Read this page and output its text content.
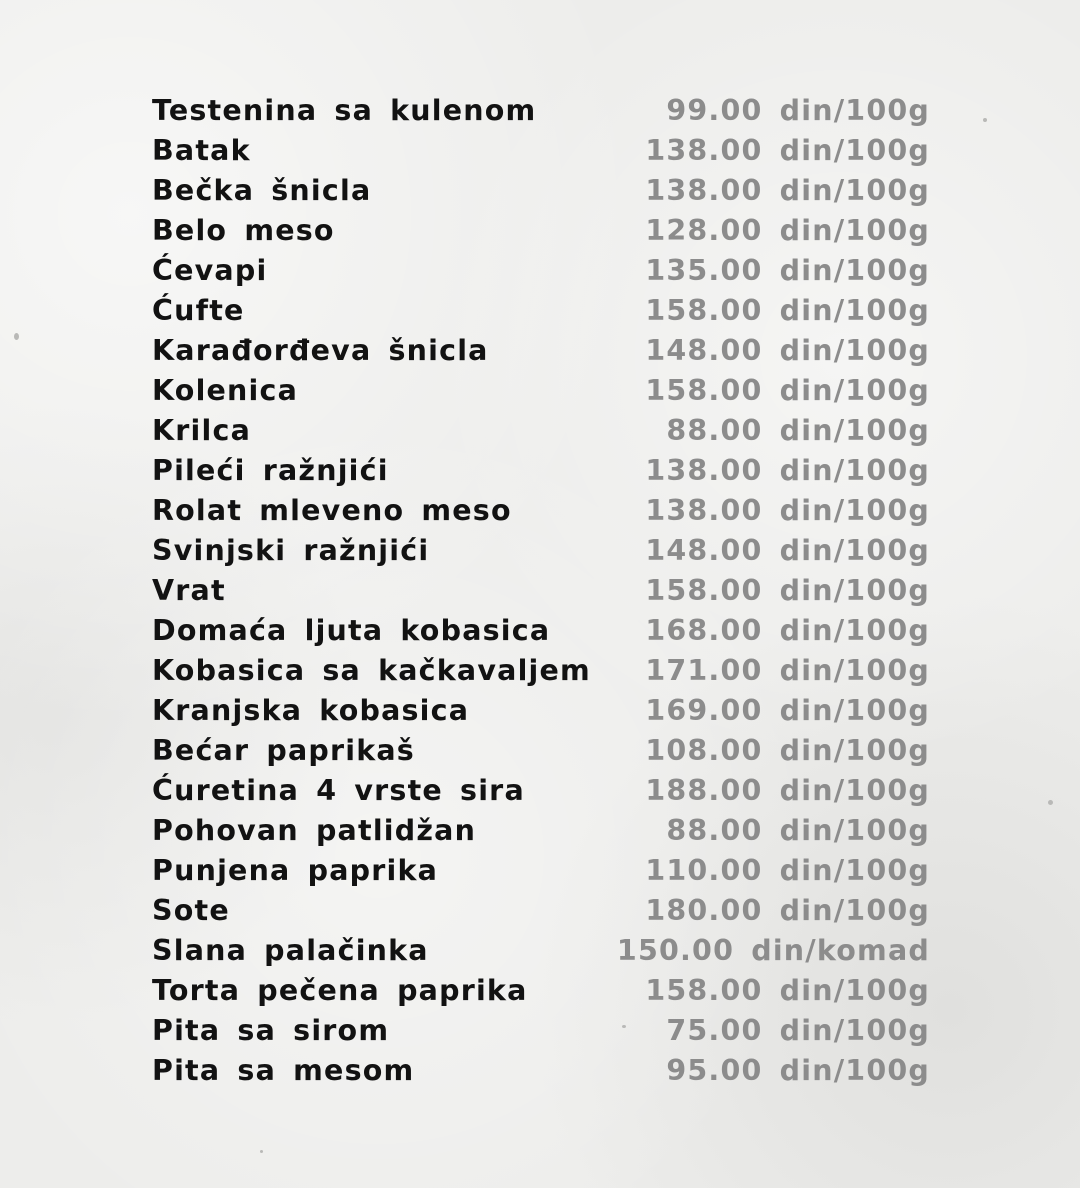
Testenina sa kulenom	99.00 din/100g
Batak	138.00 din/100g
Bečka šnicla	138.00 din/100g
Belo meso	128.00 din/100g
Ćevapi	135.00 din/100g
Ćufte	158.00 din/100g
Karađorđeva šnicla	148.00 din/100g
Kolenica	158.00 din/100g
Krilca	88.00 din/100g
Pileći ražnjići	138.00 din/100g
Rolat mleveno meso	138.00 din/100g
Svinjski ražnjići	148.00 din/100g
Vrat	158.00 din/100g
Domaća ljuta kobasica	168.00 din/100g
Kobasica sa kačkavaljem 171.00 din/100g
Kranjska kobasica	169.00 din/100g
Bećar paprikaš	108.00 din/100g
Ćuretina 4 vrste sira	188.00 din/100g
Pohovan patlidžan	88.00 din/100g
Punjena paprika	110.00 din/100g
Sote	180.00 din/100g
Slana palačinka	150.00 din/komad
Torta pečena paprika	158.00 din/100g
Pita sa sirom	75.00 din/100g
Pita sa mesom	95.00 din/100g
